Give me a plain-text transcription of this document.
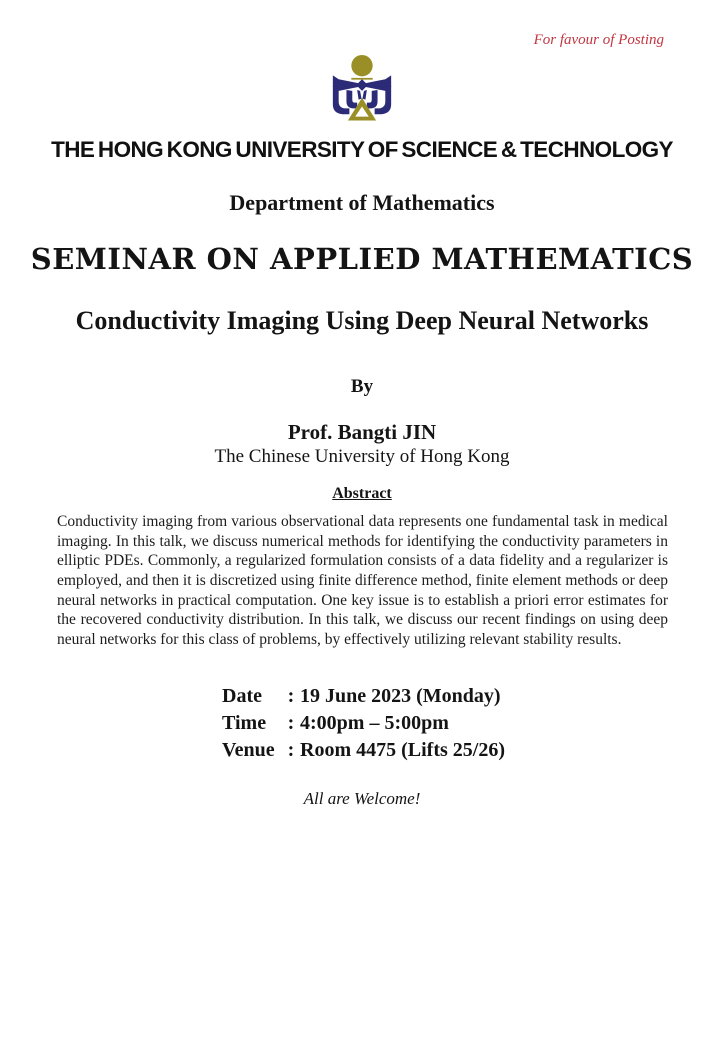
For favour of Posting
THE HONG KONG UNIVERSITY OF SCIENCE & TECHNOLOGY
Department of Mathematics
SEMINAR ON APPLIED MATHEMATICS
Conductivity Imaging Using Deep Neural Networks
By
Prof. Bangti JIN
The Chinese University of Hong Kong
Abstract
Conductivity imaging from various observational data represents one fundamental task in medical imaging. In this talk, we discuss numerical methods for identifying the conductivity parameters in elliptic PDEs. Commonly, a regularized formulation consists of a data fidelity and a regularizer is employed, and then it is discretized using finite difference method, finite element methods or deep neural networks in practical computation. One key issue is to establish a priori error estimates for the recovered conductivity distribution. In this talk, we discuss our recent findings on using deep neural networks for this class of problems, by effectively utilizing relevant stability results.
Date	: 19 June 2023 (Monday)
Time	: 4:00pm – 5:00pm
Venue : Room 4475 (Lifts 25/26)
All are Welcome!
